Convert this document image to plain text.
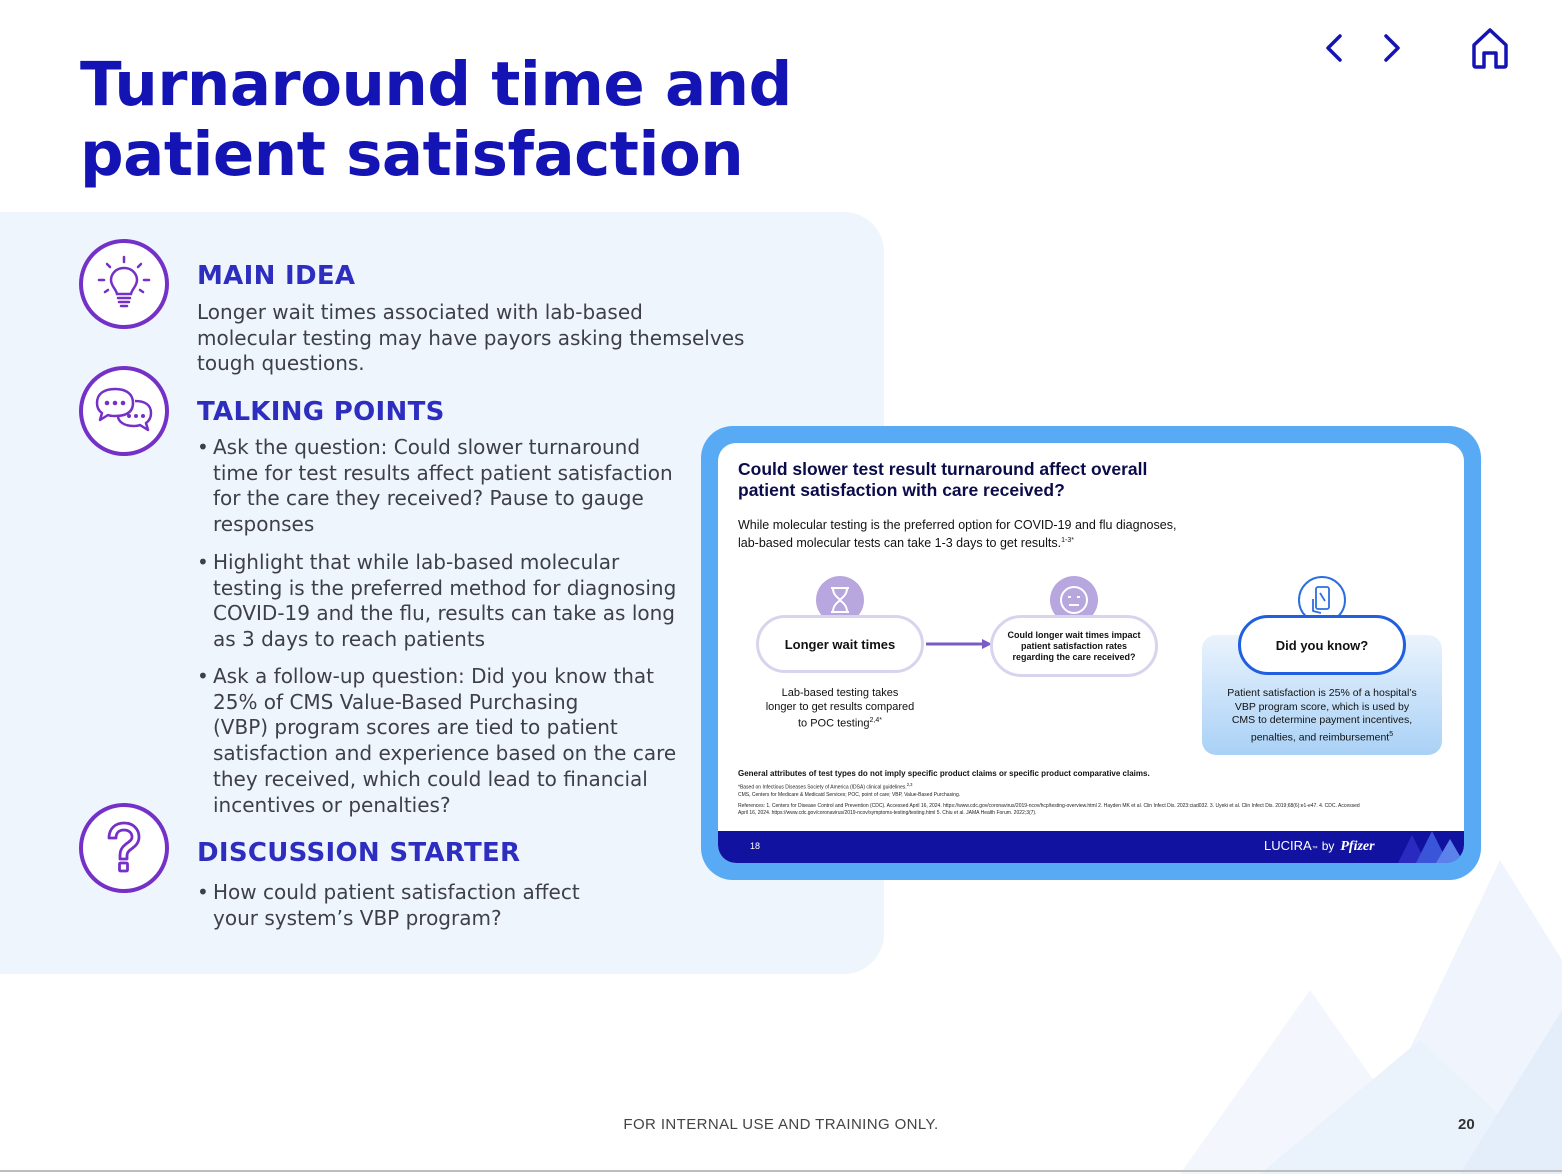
Turnaround time and
patient satisfaction
MAIN IDEA
Longer wait times associated with lab-based
molecular testing may have payors asking themselves
tough questions.
TALKING POINTS
• Ask the question: Could slower turnaround
time for test results affect patient satisfaction
for the care they received? Pause to gauge
responses
• Highlight that while lab-based molecular
testing is the preferred method for diagnosing
COVID-19 and the flu, results can take as long
as 3 days to reach patients
• Ask a follow-up question: Did you know that
25% of CMS Value-Based Purchasing
(VBP) program scores are tied to patient
satisfaction and experience based on the care
they received, which could lead to financial
incentives or penalties?
DISCUSSION STARTER
• How could patient satisfaction affect
your system’s VBP program?
Could slower test result turnaround affect overall
patient satisfaction with care received?
While molecular testing is the preferred option for COVID-19 and flu diagnoses,
lab-based molecular tests can take 1-3 days to get results.$^{1-3*}$
Longer wait times
Could longer wait times impact
patient satisfaction rates
regarding the care received?
Did you know?
Lab-based testing takes
longer to get results compared
to POC testing$^{2,4*}$
Patient satisfaction is 25% of a hospital’s
VBP program score, which is used by
CMS to determine payment incentives,
penalties, and reimbursement$^5$
General attributes of test types do not imply specific product claims or specific product comparative claims.
*Based on Infectious Diseases Society of America (IDSA) clinical guidelines.$^{2,3}$
CMS, Centers for Medicare & Medicaid Services; POC, point of care; VBP, Value-Based Purchasing.
References: 1. Centers for Disease Control and Prevention (CDC). Accessed April 16, 2024. https://www.cdc.gov/coronavirus/2019-ncov/hcp/testing-overview.html 2. Hayden MK et al. Clin Infect Dis. 2023:ciad032. 3. Uyeki et al. Clin Infect Dis. 2019;68(6):e1-e47. 4. CDC. Accessed
April 16, 2024. https://www.cdc.gov/coronavirus/2019-ncov/symptoms-testing/testing.html 5. Chiu et al. JAMA Health Forum. 2022;3(7).
18	$LUCIRA_™$ by Pfizer
FOR INTERNAL USE AND TRAINING ONLY.	20
